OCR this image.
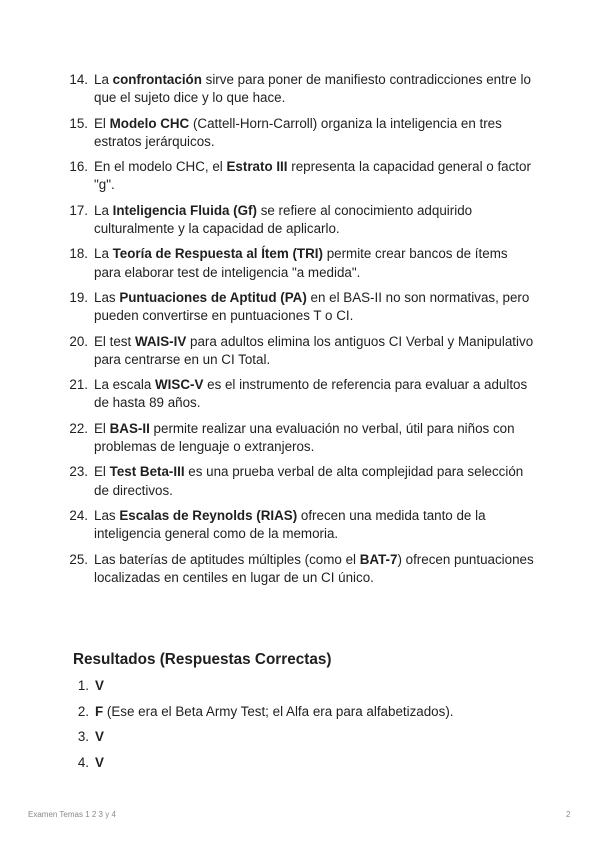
14. La confrontación sirve para poner de manifiesto contradicciones entre lo que el sujeto dice y lo que hace.
15. El Modelo CHC (Cattell-Horn-Carroll) organiza la inteligencia en tres estratos jerárquicos.
16. En el modelo CHC, el Estrato III representa la capacidad general o factor "g".
17. La Inteligencia Fluida (Gf) se refiere al conocimiento adquirido culturalmente y la capacidad de aplicarlo.
18. La Teoría de Respuesta al Ítem (TRI) permite crear bancos de ítems para elaborar test de inteligencia "a medida".
19. Las Puntuaciones de Aptitud (PA) en el BAS-II no son normativas, pero pueden convertirse en puntuaciones T o CI.
20. El test WAIS-IV para adultos elimina los antiguos CI Verbal y Manipulativo para centrarse en un CI Total.
21. La escala WISC-V es el instrumento de referencia para evaluar a adultos de hasta 89 años.
22. El BAS-II permite realizar una evaluación no verbal, útil para niños con problemas de lenguaje o extranjeros.
23. El Test Beta-III es una prueba verbal de alta complejidad para selección de directivos.
24. Las Escalas de Reynolds (RIAS) ofrecen una medida tanto de la inteligencia general como de la memoria.
25. Las baterías de aptitudes múltiples (como el BAT-7) ofrecen puntuaciones localizadas en centiles en lugar de un CI único.
Resultados (Respuestas Correctas)
1. V
2. F (Ese era el Beta Army Test; el Alfa era para alfabetizados).
3. V
4. V
Examen Temas 1 2 3 y 4	2
